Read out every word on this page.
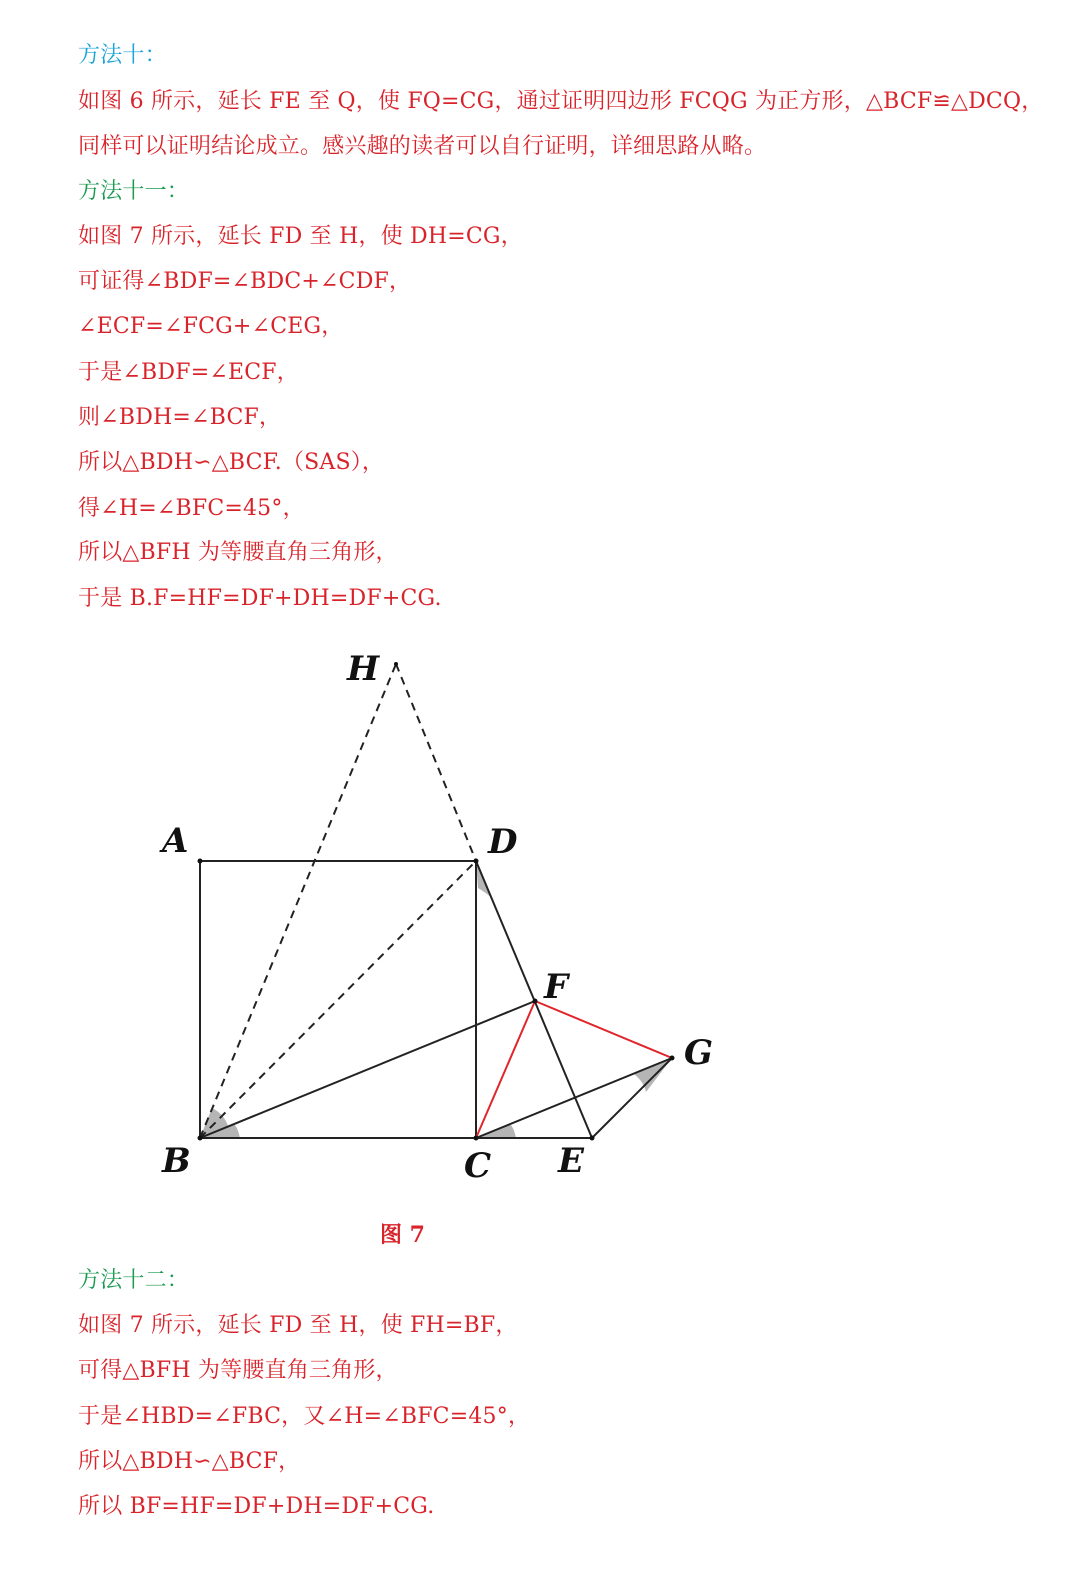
方法十：
如图 6 所示，延长 FE 至 Q，使 FQ=CG，通过证明四边形 FCQG 为正方形，△BCF≌△DCQ，
同样可以证明结论成立。感兴趣的读者可以自行证明，详细思路从略。
方法十一：
如图 7 所示，延长 FD 至 H，使 DH=CG，
可证得∠BDF=∠BDC+∠CDF，
∠ECF=∠FCG+∠CEG，
于是∠BDF=∠ECF，
则∠BDH=∠BCF，
所以△BDH∽△BCF.（SAS），
得∠H=∠BFC=45°，
所以△BFH 为等腰直角三角形，
于是 B.F=HF=DF+DH=DF+CG.
H
A	D
F
G
B	C E
图 7
方法十二：
如图 7 所示，延长 FD 至 H，使 FH=BF，
可得△BFH 为等腰直角三角形，
于是∠HBD=∠FBC，又∠H=∠BFC=45°，
所以△BDH∽△BCF，
所以 BF=HF=DF+DH=DF+CG.
